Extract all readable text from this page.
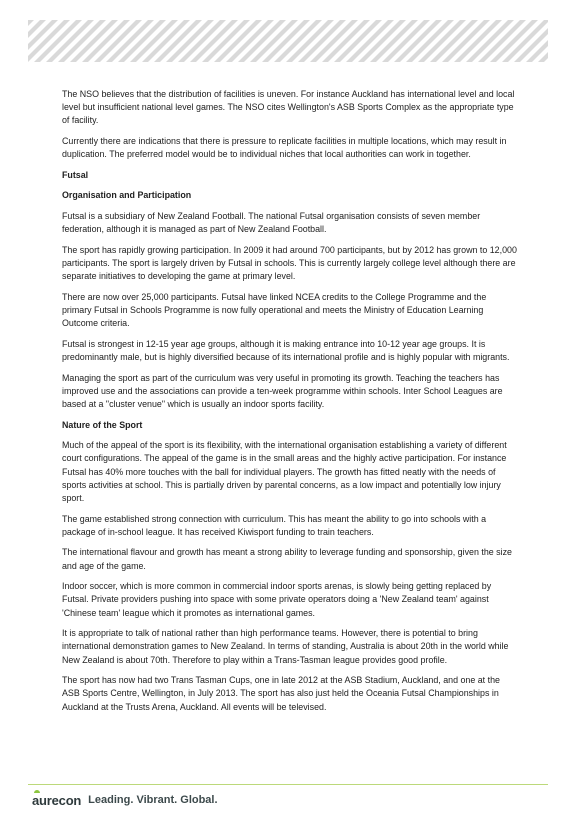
The NSO believes that the distribution of facilities is uneven. For instance Auckland has international level and local level but insufficient national level games. The NSO cites Wellington's ASB Sports Complex as the appropriate type of facility.

Currently there are indications that there is pressure to replicate facilities in multiple locations, which may result in duplication. The preferred model would be to individual niches that local authorities can work in together.

Futsal
Organisation and Participation

Futsal is a subsidiary of New Zealand Football. The national Futsal organisation consists of seven member federation, although it is managed as part of New Zealand Football.

The sport has rapidly growing participation. In 2009 it had around 700 participants, but by 2012 has grown to 12,000 participants. The sport is largely driven by Futsal in schools. This is currently largely college level although there are separate initiatives to developing the game at primary level.

There are now over 25,000 participants. Futsal have linked NCEA credits to the College Programme and the primary Futsal in Schools Programme is now fully operational and meets the Ministry of Education Learning Outcome criteria.

Futsal is strongest in 12-15 year age groups, although it is making entrance into 10-12 year age groups. It is predominantly male, but is highly diversified because of its international profile and is highly popular with migrants.

Managing the sport as part of the curriculum was very useful in promoting its growth. Teaching the teachers has improved use and the associations can provide a ten-week programme within schools. Inter School Leagues are based at a "cluster venue" which is usually an indoor sports facility.

Nature of the Sport

Much of the appeal of the sport is its flexibility, with the international organisation establishing a variety of different court configurations. The appeal of the game is in the small areas and the highly active participation. For instance Futsal has 40% more touches with the ball for individual players. The growth has fitted neatly with the needs of sports activities at school. This is partially driven by parental concerns, as a low impact and potentially low injury sport.

The game established strong connection with curriculum. This has meant the ability to go into schools with a package of in-school league. It has received Kiwisport funding to train teachers.

The international flavour and growth has meant a strong ability to leverage funding and sponsorship, given the size and age of the game.

Indoor soccer, which is more common in commercial indoor sports arenas, is slowly being getting replaced by Futsal. Private providers pushing into space with some private operators doing a 'New Zealand team' against 'Chinese team' league which it promotes as international games.

It is appropriate to talk of national rather than high performance teams. However, there is potential to bring international demonstration games to New Zealand. In terms of standing, Australia is about 20th in the world while New Zealand is about 70th. Therefore to play within a Trans-Tasman league provides good profile.

The sport has now had two Trans Tasman Cups, one in late 2012 at the ASB Stadium, Auckland, and one at the ASB Sports Centre, Wellington, in July 2013. The sport has also just held the Oceania Futsal Championships in Auckland at the Trusts Arena, Auckland. All events will be televised.

aurecon Leading. Vibrant. Global.
